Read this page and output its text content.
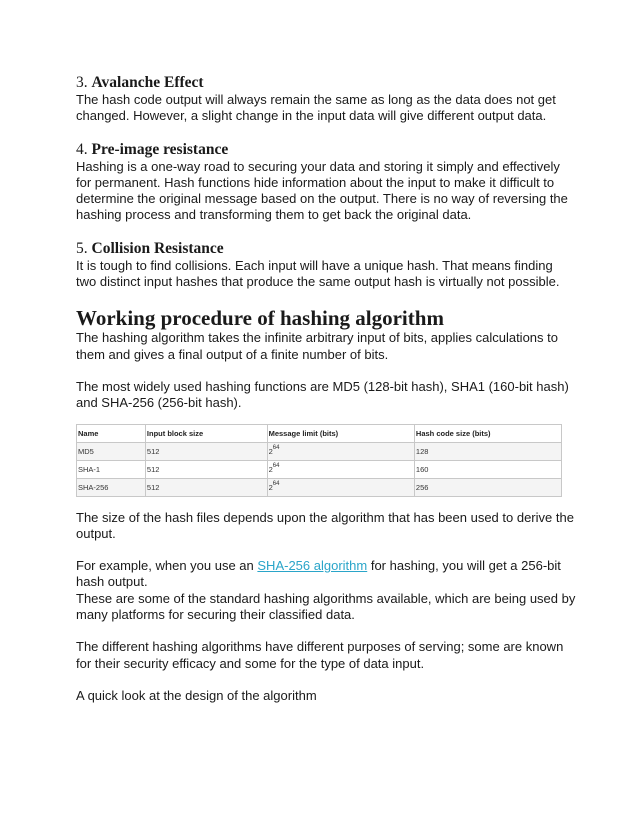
3. Avalanche Effect

The hash code output will always remain the same as long as the data does not get changed. However, a slight change in the input data will give different output data.

4. Pre-image resistance

Hashing is a one-way road to securing your data and storing it simply and effectively for permanent. Hash functions hide information about the input to make it difficult to determine the original message based on the output. There is no way of reversing the hashing process and transforming them to get back the original data.

5. Collision Resistance

It is tough to find collisions. Each input will have a unique hash. That means finding two distinct input hashes that produce the same output hash is virtually not possible.

Working procedure of hashing algorithm

The hashing algorithm takes the infinite arbitrary input of bits, applies calculations to them and gives a final output of a finite number of bits.

The most widely used hashing functions are MD5 (128-bit hash), SHA1 (160-bit hash) and SHA-256 (256-bit hash).

Name	Input block size	Message limit (bits)	Hash code size (bits)
MD5	512	$2^{64}$	128
SHA-1	512	$2^{64}$	160
SHA-256	512	$2^{64}$	256

The size of the hash files depends upon the algorithm that has been used to derive the output.

For example, when you use an SHA-256 algorithm for hashing, you will get a 256-bit hash output.

These are some of the standard hashing algorithms available, which are being used by many platforms for securing their classified data.

The different hashing algorithms have different purposes of serving; some are known for their security efficacy and some for the type of data input.

A quick look at the design of the algorithm
